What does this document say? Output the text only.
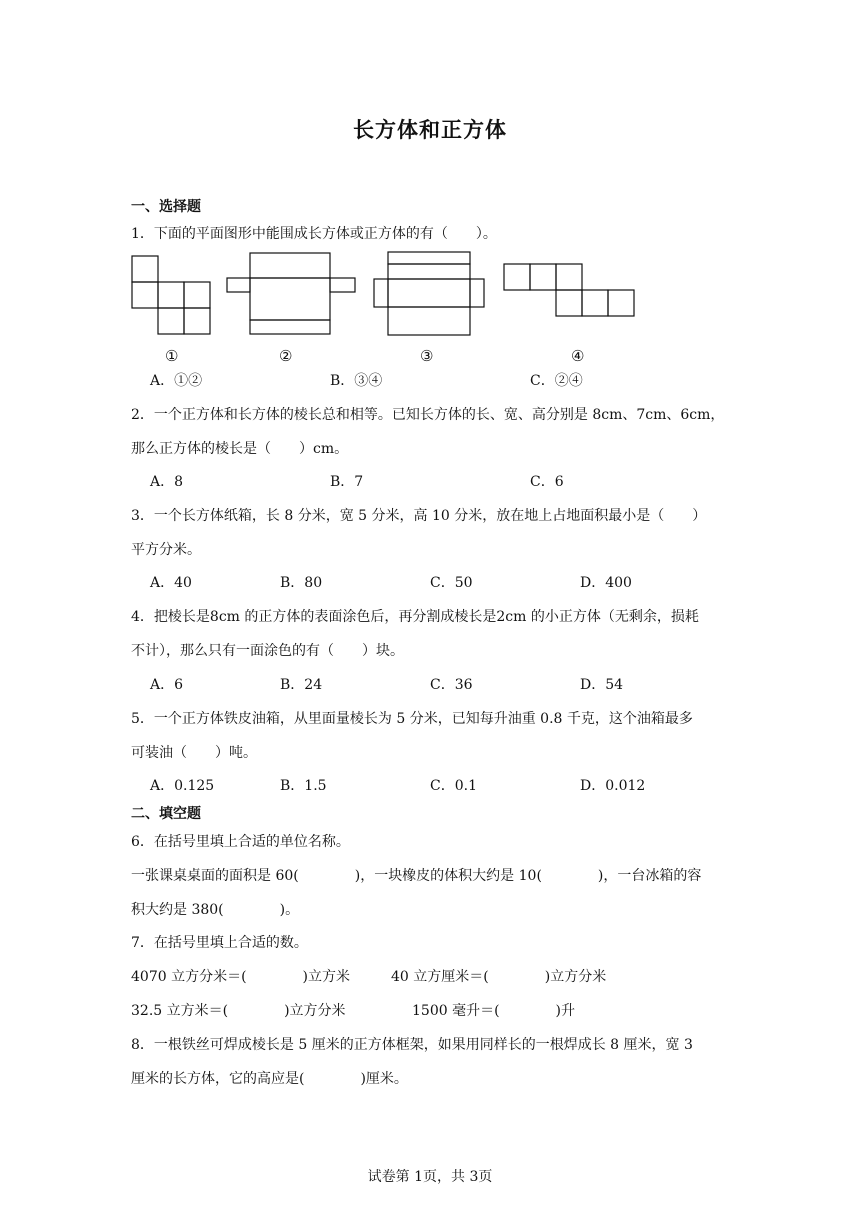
长方体和正方体
一、选择题
1．下面的平面图形中能围成长方体或正方体的有（　　）。
①	②	③	④
A．①②	B．③④	C．②④
2．一个正方体和长方体的棱长总和相等。已知长方体的长、宽、高分别是 8cm、7cm、6cm，
那么正方体的棱长是（　　）cm。
A．8	B．7	C．6
3．一个长方体纸箱，长 8 分米，宽 5 分米，高 10 分米，放在地上占地面积最小是（　　）
平方分米。
A．40	B．80	C．50	D．400
4．把棱长是8cm 的正方体的表面涂色后，再分割成棱长是2cm 的小正方体（无剩余，损耗
不计），那么只有一面涂色的有（　　）块。
A．6	B．24	C．36	D．54
5．一个正方体铁皮油箱，从里面量棱长为 5 分米，已知每升油重 0.8 千克，这个油箱最多
可装油（　　）吨。
A．0.125	B．1.5	C．0.1	D．0.012
二、填空题
6．在括号里填上合适的单位名称。
一张课桌桌面的面积是 60(　　　　)，一块橡皮的体积大约是 10(　　　　)，一台冰箱的容
积大约是 380(　　　　)。
7．在括号里填上合适的数。
4070 立方分米＝(　　　　)立方米	40 立方厘米＝(　　　　)立方分米
32.5 立方米＝(　　　　)立方分米	1500 毫升＝(　　　　)升
8．一根铁丝可焊成棱长是 5 厘米的正方体框架，如果用同样长的一根焊成长 8 厘米，宽 3
厘米的长方体，它的高应是(　　　　)厘米。
试卷第 1页，共 3页
